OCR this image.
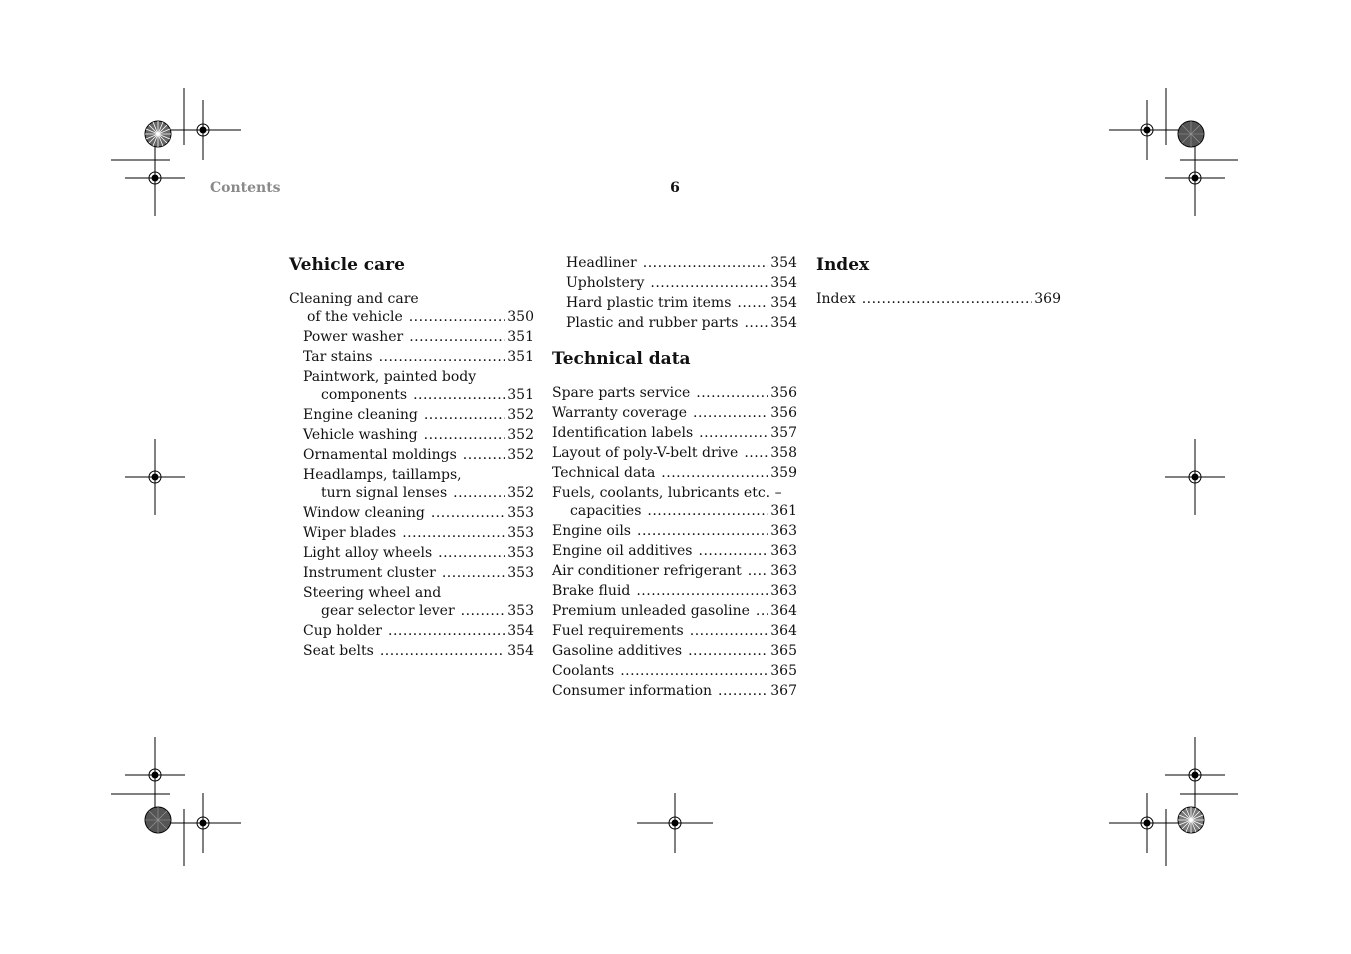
Contents	6
Vehicle care
Cleaning and care
of the vehicle .....	350
Power washer .....	351
Tar stains .....	351
Paintwork, painted body
components .....	351
Engine cleaning .....	352
Vehicle washing .....	352
Ornamental moldings .....	352
Headlamps, taillamps,
turn signal lenses .....	352
Window cleaning .....	353
Wiper blades .....	353
Light alloy wheels .....	353
Instrument cluster .....	353
Steering wheel and
gear selector lever .....	353
Cup holder .....	354
Seat belts .....	354
Headliner .....	354
Upholstery .....	354
Hard plastic trim items .....	354
Plastic and rubber parts ..... 354
Technical data
Spare parts service .....	356
Warranty coverage .....	356
Identification labels .....	357
Layout of poly-V-belt drive ..... 358
Technical data .....	359
Fuels, coolants, lubricants etc. –
capacities .....	361
Engine oils .....	363
Engine oil additives .....	363
Air conditioner refrigerant ..... 363
Brake fluid .....	363
Premium unleaded gasoline ..... 364
Fuel requirements .....	364
Gasoline additives .....	365
Coolants .....	365
Consumer information .....	367
Index
Index .....	369
